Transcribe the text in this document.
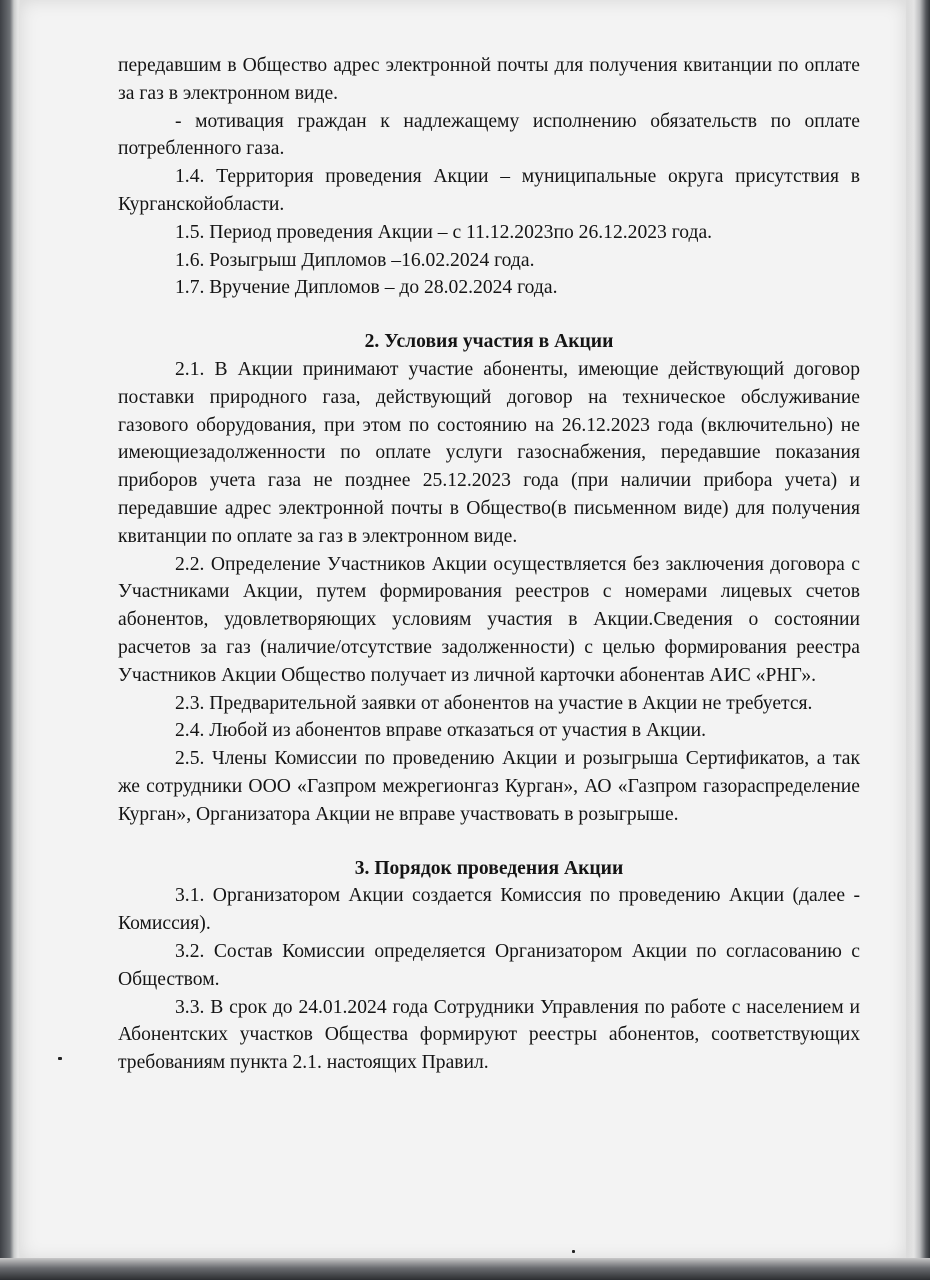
передавшим в Общество адрес электронной почты для получения квитанции по оплате за газ в электронном виде.

- мотивация граждан к надлежащему исполнению обязательств по оплате потребленного газа.

1.4. Территория проведения Акции – муниципальные округа присутствия в Курганскойобласти.

1.5. Период проведения Акции – с 11.12.2023по 26.12.2023 года.

1.6. Розыгрыш Дипломов –16.02.2024 года.

1.7. Вручение Дипломов – до 28.02.2024 года.

2. Условия участия в Акции

2.1. В Акции принимают участие абоненты, имеющие действующий договор поставки природного газа, действующий договор на техническое обслуживание газового оборудования, при этом по состоянию на 26.12.2023 года (включительно) не имеющиезадолженности по оплате услуги газоснабжения, передавшие показания приборов учета газа не позднее 25.12.2023 года (при наличии прибора учета) и передавшие адрес электронной почты в Общество(в письменном виде) для получения квитанции по оплате за газ в электронном виде.

2.2. Определение Участников Акции осуществляется без заключения договора с Участниками Акции, путем формирования реестров с номерами лицевых счетов абонентов, удовлетворяющих условиям участия в Акции.Сведения о состоянии расчетов за газ (наличие/отсутствие задолженности) с целью формирования реестра Участников Акции Общество получает из личной карточки абонентав АИС «РНГ».

2.3. Предварительной заявки от абонентов на участие в Акции не требуется.

2.4. Любой из абонентов вправе отказаться от участия в Акции.

2.5. Члены Комиссии по проведению Акции и розыгрыша Сертификатов, а так же сотрудники ООО «Газпром межрегионгаз Курган», АО «Газпром газораспределение Курган», Организатора Акции не вправе участвовать в розыгрыше.

3. Порядок проведения Акции

3.1. Организатором Акции создается Комиссия по проведению Акции (далее - Комиссия).

3.2. Состав Комиссии определяется Организатором Акции по согласованию с Обществом.

3.3. В срок до 24.01.2024 года Сотрудники Управления по работе с населением и Абонентских участков Общества формируют реестры абонентов, соответствующих требованиям пункта 2.1. настоящих Правил.
